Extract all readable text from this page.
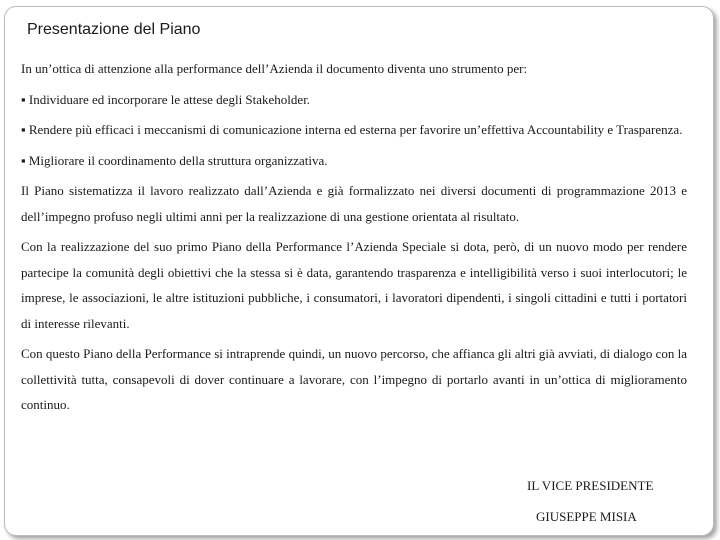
Presentazione del Piano

In un’ottica di attenzione alla performance dell’Azienda il documento diventa uno strumento per:

▪ Individuare ed incorporare le attese degli Stakeholder.

▪ Rendere più efficaci i meccanismi di comunicazione interna ed esterna per favorire un’effettiva Accountability e Trasparenza.

▪ Migliorare il coordinamento della struttura organizzativa.

Il Piano sistematizza il lavoro realizzato dall’Azienda e già formalizzato nei diversi documenti di programmazione 2013 e dell’impegno profuso negli ultimi anni per la realizzazione di una gestione orientata al risultato.

Con la realizzazione del suo primo Piano della Performance l’Azienda Speciale si dota, però, di un nuovo modo per rendere partecipe la comunità degli obiettivi che la stessa si è data, garantendo trasparenza e intelligibilità verso i suoi interlocutori; le imprese, le associazioni, le altre istituzioni pubbliche, i consumatori, i lavoratori dipendenti, i singoli cittadini e tutti i portatori di interesse rilevanti.

Con questo Piano della Performance si intraprende quindi, un nuovo percorso, che affianca gli altri già avviati, di dialogo con la collettività tutta, consapevoli di dover continuare a lavorare, con l’impegno di portarlo avanti in un’ottica di miglioramento continuo.

IL VICE PRESIDENTE
GIUSEPPE MISIA
